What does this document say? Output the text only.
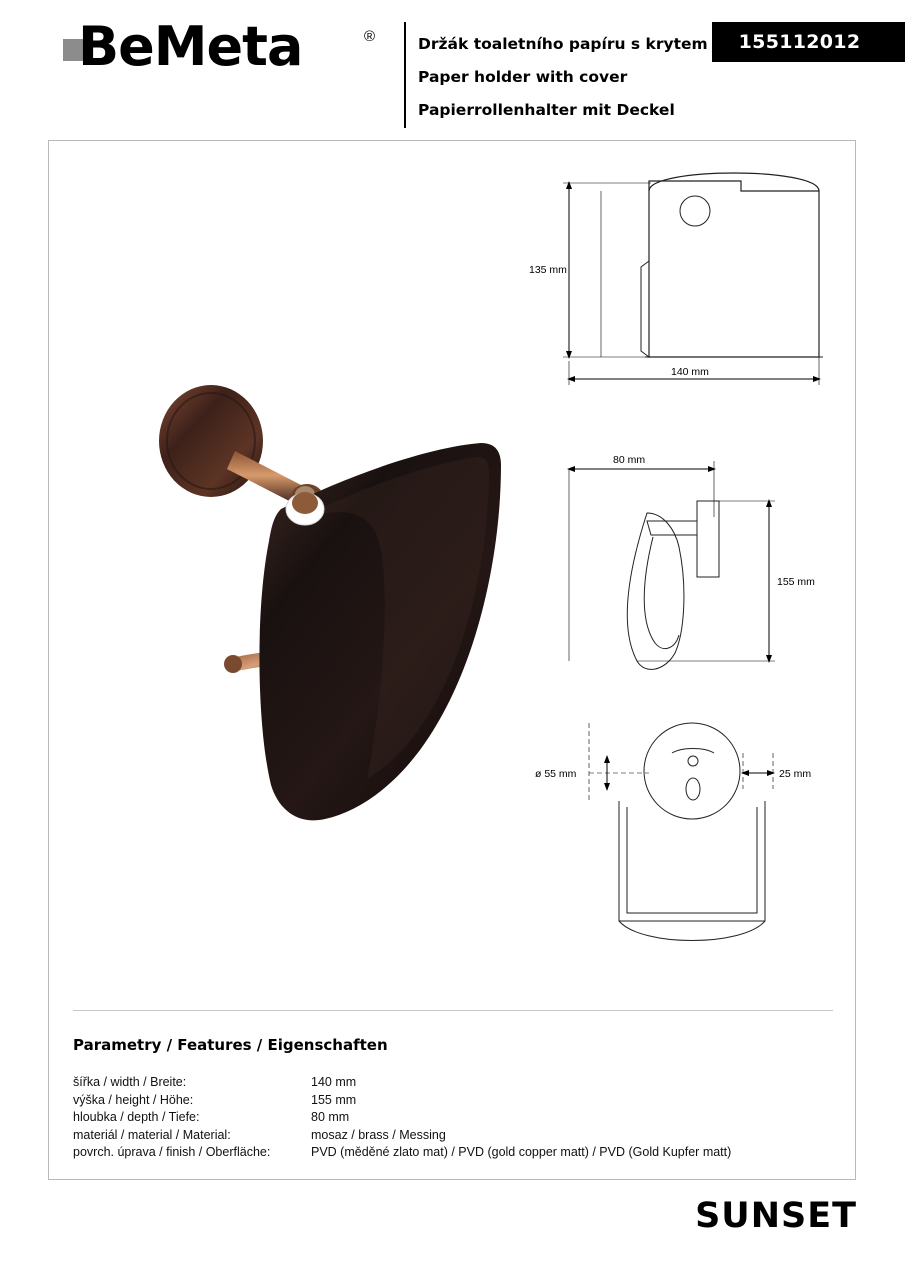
BeMeta	®	Držák toaletního papíru s krytem
Paper holder with cover
Papierrollenhalter mit Deckel
155112012
135 mm
140 mm
80 mm
155 mm
ø 55 mm	25 mm
Parametry / Features / Eigenschaften
šířka / width / Breite:	140 mm
výška / height / Höhe:	155 mm
hloubka / depth / Tiefe:	80 mm
materiál / material / Material:	mosaz / brass / Messing
povrch. úprava / finish / Oberfläche:	PVD (měděné zlato mat) / PVD (gold copper matt) / PVD (Gold Kupfer matt)
SUNSET
